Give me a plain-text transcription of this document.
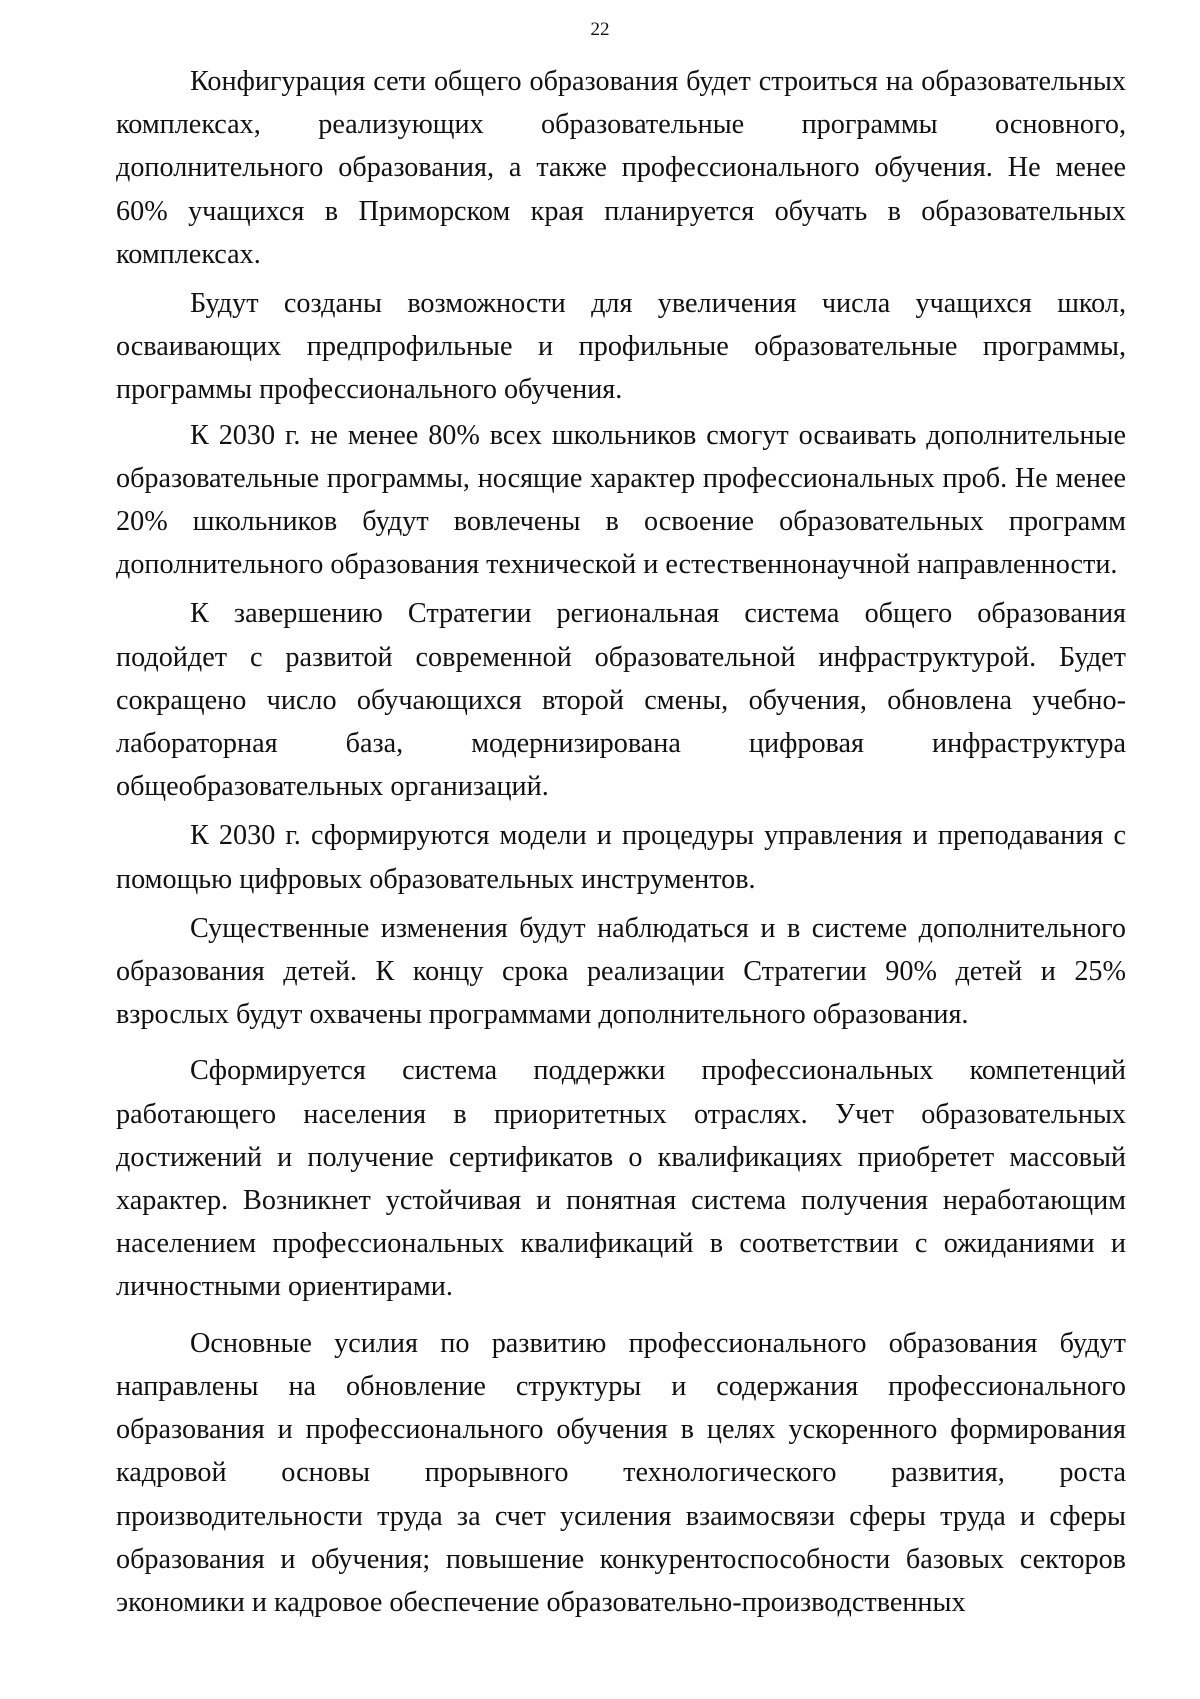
22

Конфигурация сети общего образования будет строиться на образовательных комплексах, реализующих образовательные программы основного, дополнительного образования, а также профессионального обучения. Не менее 60% учащихся в Приморском края планируется обучать в образовательных комплексах.

Будут созданы возможности для увеличения числа учащихся школ, осваивающих предпрофильные и профильные образовательные программы, программы профессионального обучения.

К 2030 г. не менее 80% всех школьников смогут осваивать дополнительные образовательные программы, носящие характер профессиональных проб. Не менее 20% школьников будут вовлечены в освоение образовательных программ дополнительного образования технической и естественнонаучной направленности.

К завершению Стратегии региональная система общего образования подойдет с развитой современной образовательной инфраструктурой. Будет сокращено число обучающихся второй смены, обучения, обновлена учебно-лабораторная база, модернизирована цифровая инфраструктура общеобразовательных организаций.

К 2030 г. сформируются модели и процедуры управления и преподавания с помощью цифровых образовательных инструментов.

Существенные изменения будут наблюдаться и в системе дополнительного образования детей. К концу срока реализации Стратегии 90% детей и 25% взрослых будут охвачены программами дополнительного образования.

Сформируется система поддержки профессиональных компетенций работающего населения в приоритетных отраслях. Учет образовательных достижений и получение сертификатов о квалификациях приобретет массовый характер. Возникнет устойчивая и понятная система получения неработающим населением профессиональных квалификаций в соответствии с ожиданиями и личностными ориентирами.

Основные усилия по развитию профессионального образования будут направлены на обновление структуры и содержания профессионального образования и профессионального обучения в целях ускоренного формирования кадровой основы прорывного технологического развития, роста производительности труда за счет усиления взаимосвязи сферы труда и сферы образования и обучения; повышение конкурентоспособности базовых секторов экономики и кадровое обеспечение образовательно-производственных
